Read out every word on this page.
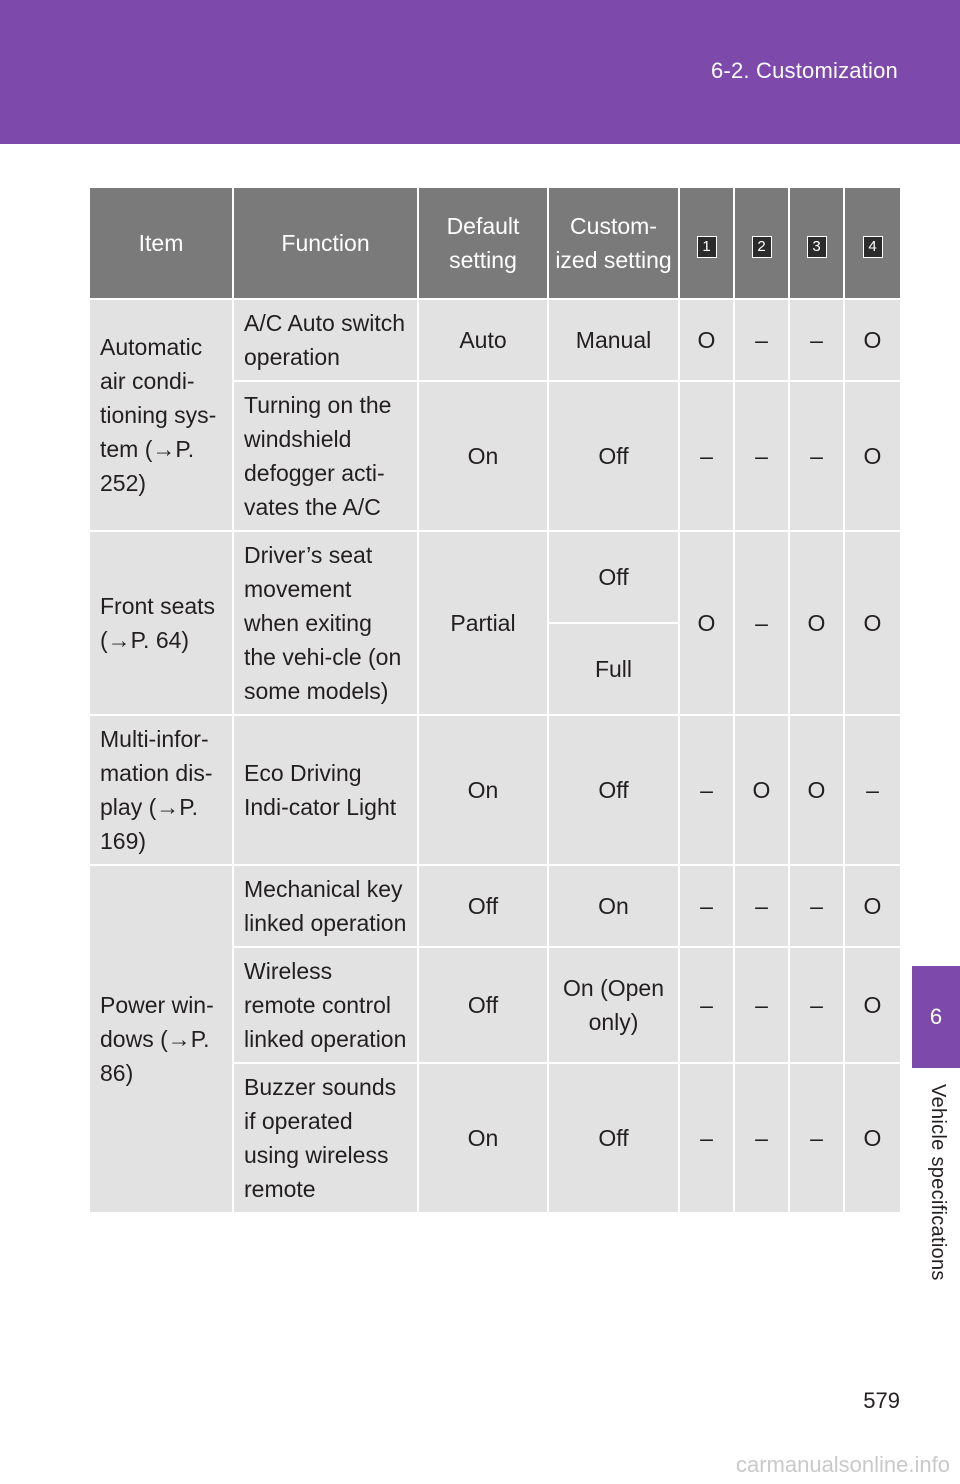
6-2. Customization
6
Vehicle specifications
Item	Function	Default setting	Custom-ized setting	1	2	3	4
Automatic air condi-tioning sys-tem (→P. 252)	A/C Auto switch operation	Auto	Manual	O	–	–	O
	Turning on the windshield defogger acti-vates the A/C	On	Off	–	–	–	O
Front seats (→P. 64)	Driver’s seat movement when exiting the vehi-cle (on some models)	Partial	Off	O	–	O	O
			Full				
Multi-infor-mation dis-play (→P. 169)	Eco Driving Indi-cator Light	On	Off	–	O	O	–
Power win-dows (→P. 86)	Mechanical key linked operation	Off	On	–	–	–	O
	Wireless remote control linked operation	Off	On (Open only)	–	–	–	O
	Buzzer sounds if operated using wireless remote	On	Off	–	–	–	O
579
carmanualsonline.info
